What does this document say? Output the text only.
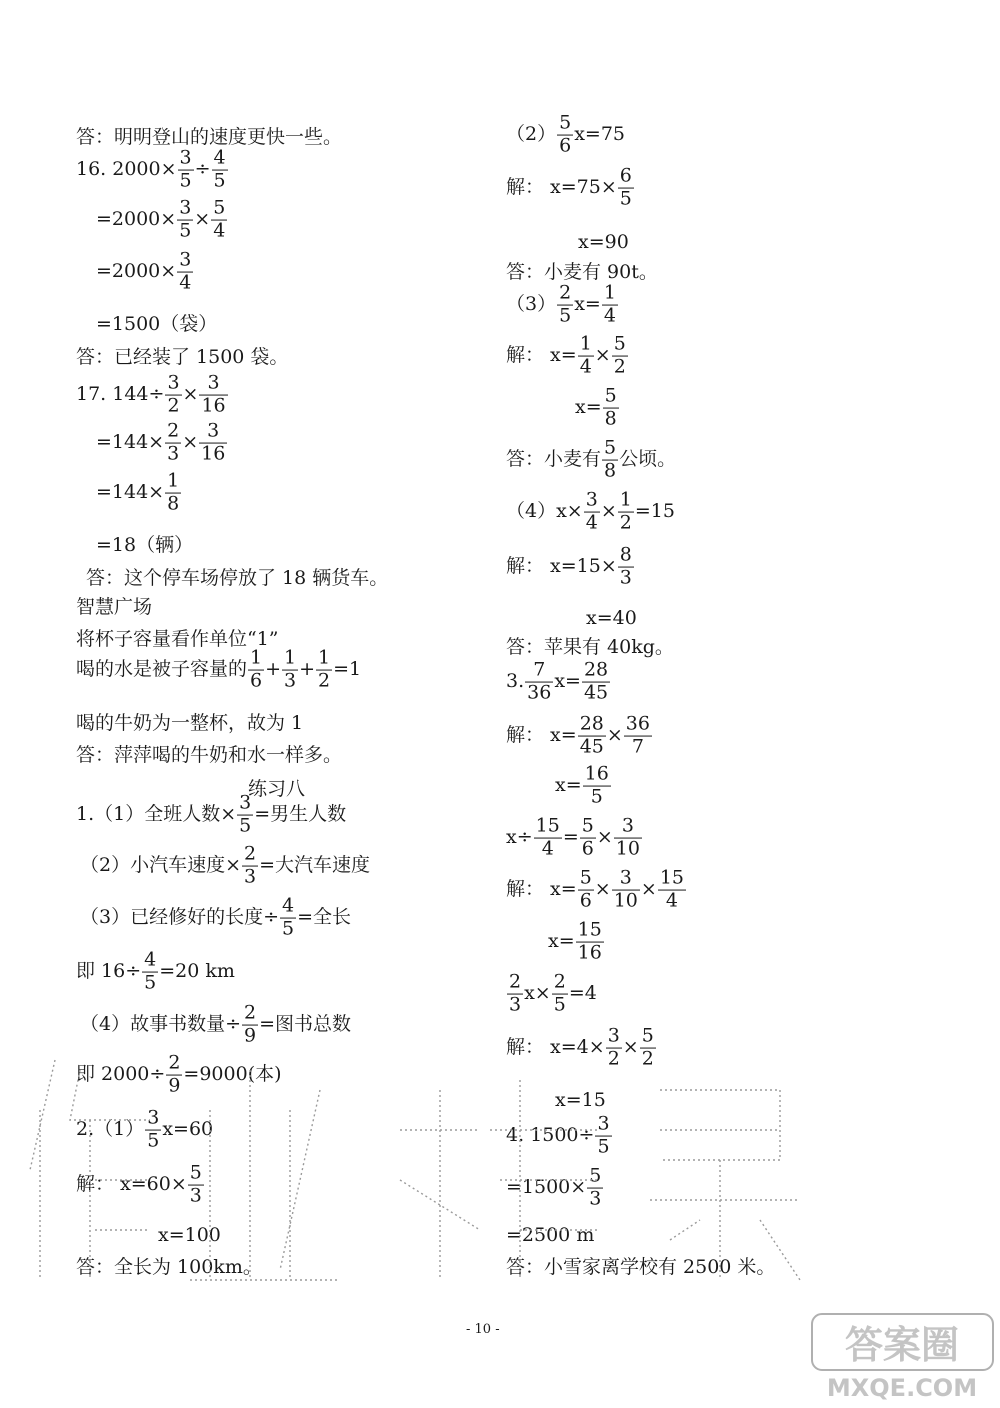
答：明明登山的速度更快一些。
16. $2000\times \frac{3}{5} \div \frac{4}{5}$
$=2000\times \frac{3}{5} \times \frac{5}{4}$
$=2000\times \frac{3}{4}$
=1500（袋）
答：已经装了 1500 袋。
17. $144\div \frac{3}{2} \times \frac{3}{16}$
$=144\times \frac{2}{3} \times \frac{3}{16}$
$=144\times \frac{1}{8}$
=18（辆）
答：这个停车场停放了 18 辆货车。
智慧广场
将杯子容量看作单位“1”
喝的水是被子容量的 $\frac{1}{6} + \frac{1}{3} + \frac{1}{2} =1$
喝的牛奶为一整杯，故为 1
答：萍萍喝的牛奶和水一样多。
练习八
1.（1）全班人数× $\frac{3}{5}$ =男生人数
（2）小汽车速度× $\frac{2}{3}$ =大汽车速度
（3）已经修好的长度÷ $\frac{4}{5}$ =全长
即 $16\div \frac{4}{5} =20$ km
（4）故事书数量÷ $\frac{2}{9}$ =图书总数
即 $2000\div \frac{2}{9} =9000$(本)
$2.(1) \frac{3}{5} x=60$
解： $x=60\times \frac{5}{3}$
x=100
答：全长为 100km。
$(2) \frac{5}{6} x=75$
解： $x=75\times \frac{6}{5}$
x=90
答：小麦有 90t。
$(3) \frac{2}{5} x= \frac{1}{4}$
解： $x= \frac{1}{4} \times \frac{5}{2}$
$x= \frac{5}{8}$
答：小麦有 $\frac{5}{8}$ 公顷。
$(4)x\times \frac{3}{4} \times \frac{1}{2} =15$
解： $x=15\times \frac{8}{3}$
x=40
答：苹果有 40kg。
3. $\frac{7}{36} x= \frac{28}{45}$
解： $x= \frac{28}{45} \times \frac{36}{7}$
$x= \frac{16}{5}$
$x\div \frac{15}{4} = \frac{5}{6} \times \frac{3}{10}$
解： $x= \frac{5}{6} \times \frac{3}{10} \times \frac{15}{4}$
$x= \frac{15}{16}$
$\frac{2}{3} x\times \frac{2}{5} =4$
解： $x=4\times \frac{3}{2} \times \frac{5}{2}$
x=15
4. $1500\div \frac{3}{5}$
$=1500\times \frac{5}{3}$
=2500 m
答：小雪家离学校有 2500 米。
- 10 -	答案圈
MXQE.COM
